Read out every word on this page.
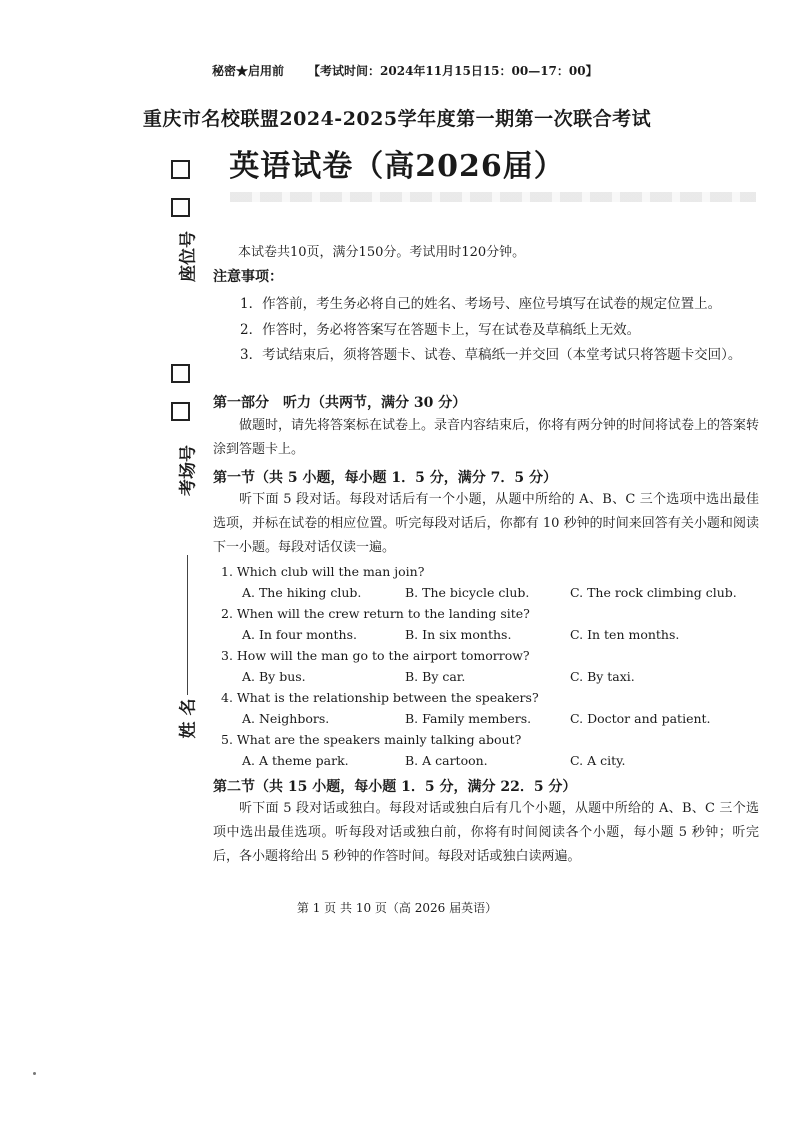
秘密★启用前 【考试时间：2024年11月15日15：00—17：00】
重庆市名校联盟2024-2025学年度第一期第一次联合考试
英语试卷（高2026届）
座位号
考场号
姓 名
本试卷共10页，满分150分。考试用时120分钟。
注意事项：
1．作答前，考生务必将自己的姓名、考场号、座位号填写在试卷的规定位置上。
2．作答时，务必将答案写在答题卡上，写在试卷及草稿纸上无效。
3．考试结束后，须将答题卡、试卷、草稿纸一并交回（本堂考试只将答题卡交回）。
第一部分　听力（共两节，满分 30 分）
做题时，请先将答案标在试卷上。录音内容结束后，你将有两分钟的时间将试卷上的答案转涂到答题卡上。
第一节（共 5 小题，每小题 1．5 分，满分 7．5 分）
听下面 5 段对话。每段对话后有一个小题，从题中所给的 A、B、C 三个选项中选出最佳选项，并标在试卷的相应位置。听完每段对话后，你都有 10 秒钟的时间来回答有关小题和阅读下一小题。每段对话仅读一遍。
1. Which club will the man join?
A. The hiking club.	B. The bicycle club.	C. The rock climbing club.
2. When will the crew return to the landing site?
A. In four months.	B. In six months.	C. In ten months.
3. How will the man go to the airport tomorrow?
A. By bus.	B. By car.	C. By taxi.
4. What is the relationship between the speakers?
A. Neighbors.	B. Family members.	C. Doctor and patient.
5. What are the speakers mainly talking about?
A. A theme park.	B. A cartoon.	C. A city.
第二节（共 15 小题，每小题 1．5 分，满分 22．5 分）
听下面 5 段对话或独白。每段对话或独白后有几个小题，从题中所给的 A、B、C 三个选项中选出最佳选项。听每段对话或独白前，你将有时间阅读各个小题，每小题 5 秒钟；听完后，各小题将给出 5 秒钟的作答时间。每段对话或独白读两遍。
第 1 页 共 10 页（高 2026 届英语）
